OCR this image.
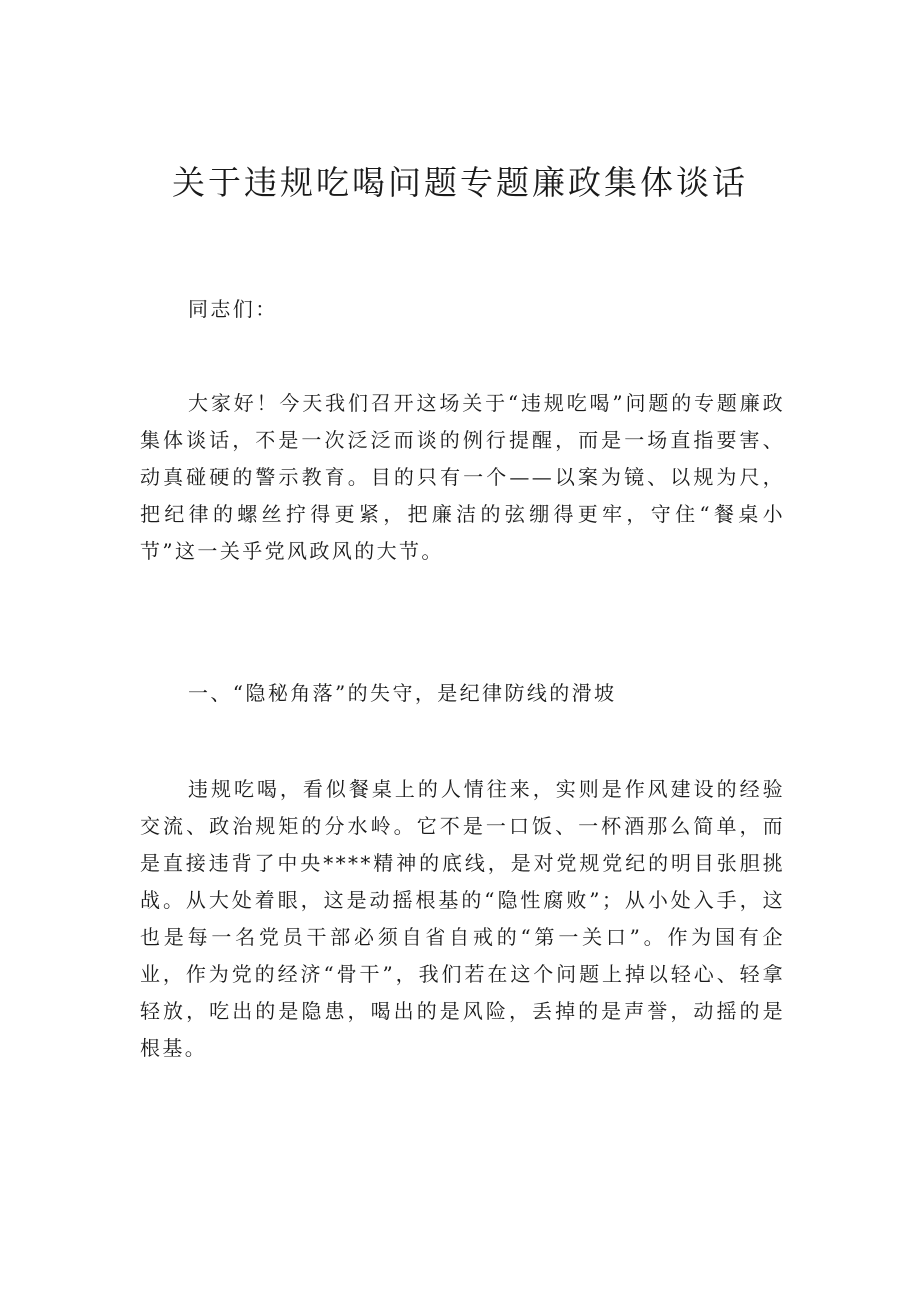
关于违规吃喝问题专题廉政集体谈话

同志们：

大家好！今天我们召开这场关于“违规吃喝”问题的专题廉政集体谈话，不是一次泛泛而谈的例行提醒，而是一场直指要害、动真碰硬的警示教育。目的只有一个——以案为镜、以规为尺，把纪律的螺丝拧得更紧，把廉洁的弦绷得更牢，守住“餐桌小节”这一关乎党风政风的大节。

一、“隐秘角落”的失守，是纪律防线的滑坡

违规吃喝，看似餐桌上的人情往来，实则是作风建设的经验交流、政治规矩的分水岭。它不是一口饭、一杯酒那么简单，而是直接违背了中央****精神的底线，是对党规党纪的明目张胆挑战。从大处着眼，这是动摇根基的“隐性腐败”；从小处入手，这也是每一名党员干部必须自省自戒的“第一关口”。作为国有企业，作为党的经济“骨干”，我们若在这个问题上掉以轻心、轻拿轻放，吃出的是隐患，喝出的是风险，丢掉的是声誉，动摇的是根基。
